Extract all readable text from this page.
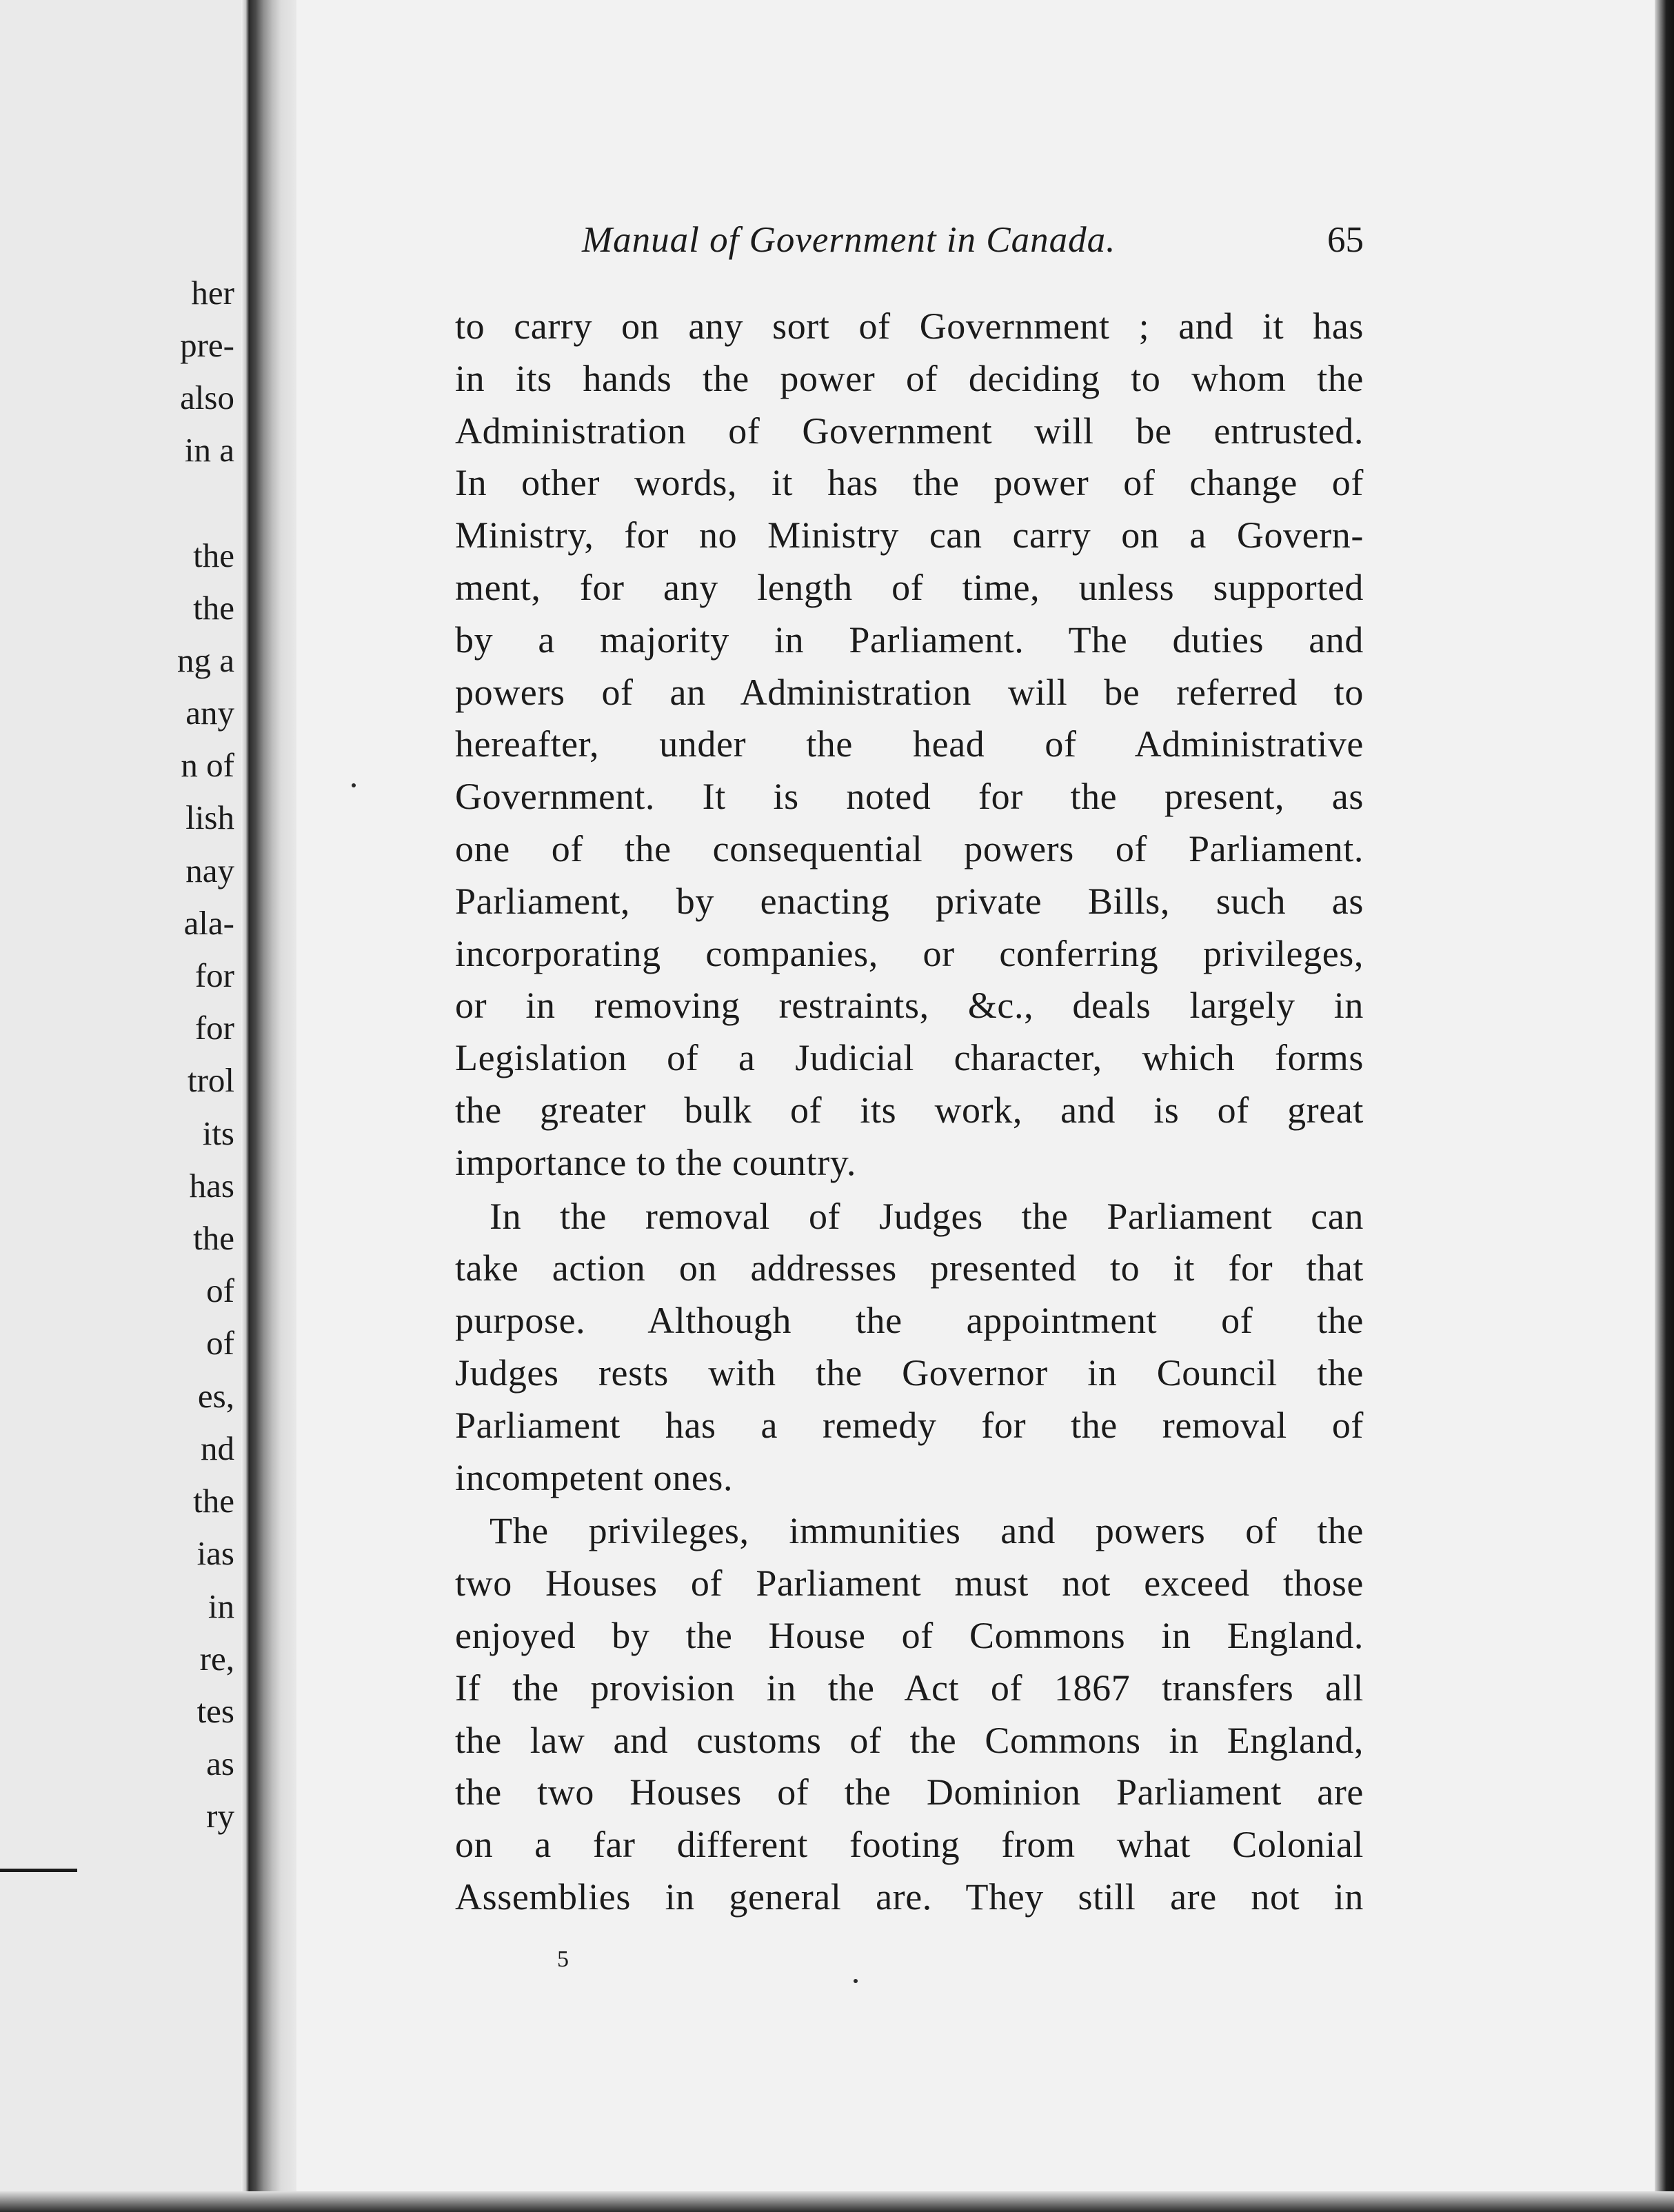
her
pre-
also
in a
the
the
ng a
any
n of
lish
nay
ala-
for
for
trol
its
has
the
of
of
es,
nd
the
ias
in
re,
tes
as
ry
Manual of Government in Canada.	65

to carry on any sort of Government ; and it has
in its hands the power of deciding to whom the
Administration of Government will be entrusted.
In other words, it has the power of change of
Ministry, for no Ministry can carry on a Govern-
ment, for any length of time, unless supported
by a majority in Parliament. The duties and
powers of an Administration will be referred to
hereafter, under the head of Administrative
Government. It is noted for the present, as
one of the consequential powers of Parliament.
Parliament, by enacting private Bills, such as
incorporating companies, or conferring privileges,
or in removing restraints, &c., deals largely in
Legislation of a Judicial character, which forms
the greater bulk of its work, and is of great
importance to the country.

In the removal of Judges the Parliament can
take action on addresses presented to it for that
purpose. Although the appointment of the
Judges rests with the Governor in Council the
Parliament has a remedy for the removal of
incompetent ones.

The privileges, immunities and powers of the
two Houses of Parliament must not exceed those
enjoyed by the House of Commons in England.
If the provision in the Act of 1867 transfers all
the law and customs of the Commons in England,
the two Houses of the Dominion Parliament are
on a far different footing from what Colonial
Assemblies in general are. They still are not in

5
